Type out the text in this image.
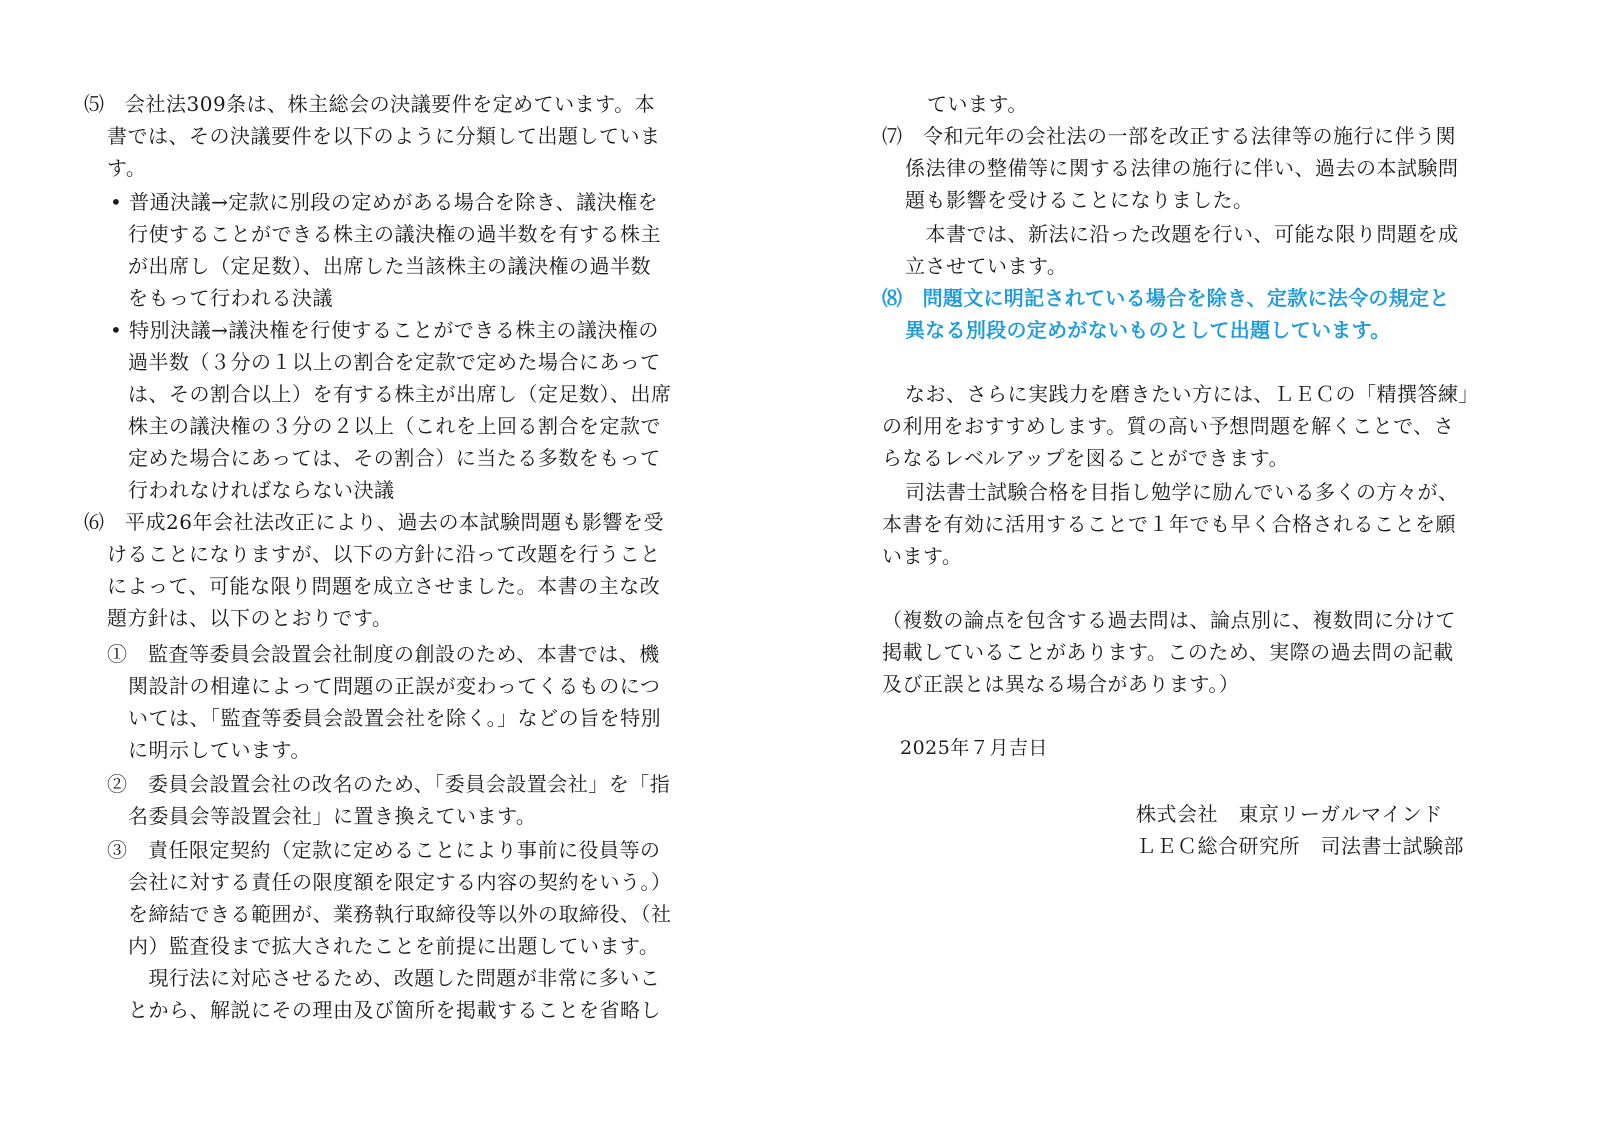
⑸　会社法309条は、株主総会の決議要件を定めています。本
書では、その決議要件を以下のように分類して出題していま
す。
• 普通決議→定款に別段の定めがある場合を除き、議決権を
行使することができる株主の議決権の過半数を有する株主
が出席し（定足数）、出席した当該株主の議決権の過半数
をもって行われる決議
• 特別決議→議決権を行使することができる株主の議決権の
過半数（３分の１以上の割合を定款で定めた場合にあって
は、その割合以上）を有する株主が出席し（定足数）、出席
株主の議決権の３分の２以上（これを上回る割合を定款で
定めた場合にあっては、その割合）に当たる多数をもって
行われなければならない決議
⑹　平成26年会社法改正により、過去の本試験問題も影響を受
けることになりますが、以下の方針に沿って改題を行うこと
によって、可能な限り問題を成立させました。本書の主な改
題方針は、以下のとおりです。
①　監査等委員会設置会社制度の創設のため、本書では、機
関設計の相違によって問題の正誤が変わってくるものにつ
いては、「監査等委員会設置会社を除く。」などの旨を特別
に明示しています。
②　委員会設置会社の改名のため、「委員会設置会社」を「指
名委員会等設置会社」に置き換えています。
③　責任限定契約（定款に定めることにより事前に役員等の
会社に対する責任の限度額を限定する内容の契約をいう。）
を締結できる範囲が、業務執行取締役等以外の取締役、（社
内）監査役まで拡大されたことを前提に出題しています。
　現行法に対応させるため、改題した問題が非常に多いこ
とから、解説にその理由及び箇所を掲載することを省略し
ています。
⑺　令和元年の会社法の一部を改正する法律等の施行に伴う関
係法律の整備等に関する法律の施行に伴い、過去の本試験問
題も影響を受けることになりました。
　本書では、新法に沿った改題を行い、可能な限り問題を成
立させています。
⑻　問題文に明記されている場合を除き、定款に法令の規定と
異なる別段の定めがないものとして出題しています。
なお、さらに実践力を磨きたい方には、ＬＥＣの「精撰答練」
の利用をおすすめします。質の高い予想問題を解くことで、さ
らなるレベルアップを図ることができます。
司法書士試験合格を目指し勉学に励んでいる多くの方々が、
本書を有効に活用することで１年でも早く合格されることを願
います。
（複数の論点を包含する過去問は、論点別に、複数問に分けて
掲載していることがあります。このため、実際の過去問の記載
及び正誤とは異なる場合があります。）
2025年７月吉日
株式会社　東京リーガルマインド
ＬＥＣ総合研究所　司法書士試験部
